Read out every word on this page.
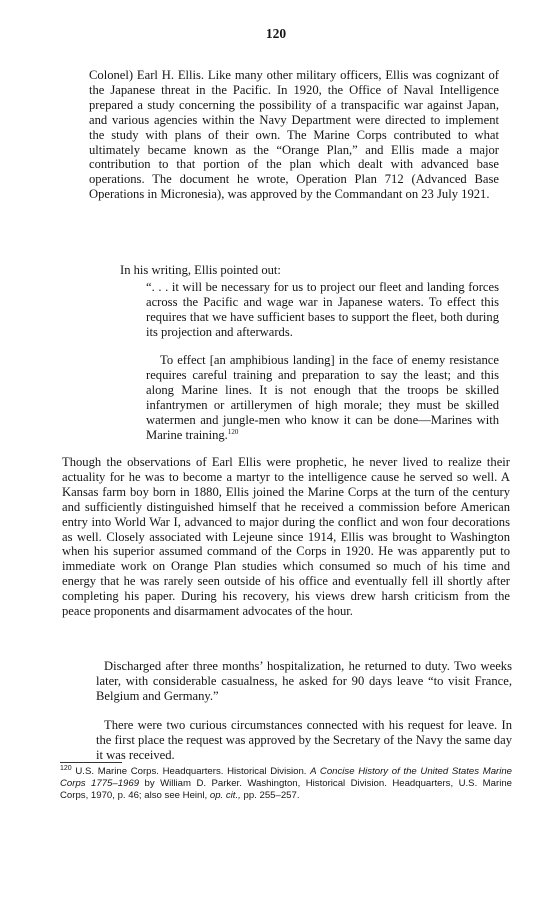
120

Colonel) Earl H. Ellis. Like many other military officers, Ellis was cognizant of the Japanese threat in the Pacific. In 1920, the Office of Naval Intelligence prepared a study concerning the possibility of a transpacific war against Japan, and various agencies within the Navy Department were directed to implement the study with plans of their own. The Marine Corps contributed to what ultimately became known as the “Orange Plan,” and Ellis made a major contribution to that portion of the plan which dealt with advanced base operations. The document he wrote, Operation Plan 712 (Advanced Base Operations in Micronesia), was approved by the Commandant on 23 July 1921.

In his writing, Ellis pointed out:

“. . . it will be necessary for us to project our fleet and landing forces across the Pacific and wage war in Japanese waters. To effect this requires that we have sufficient bases to support the fleet, both during its projection and afterwards.

To effect [an amphibious landing] in the face of enemy resistance requires careful training and preparation to say the least; and this along Marine lines. It is not enough that the troops be skilled infantrymen or artillerymen of high morale; they must be skilled watermen and jungle-men who know it can be done—Marines with Marine training.$^{120}$

Though the observations of Earl Ellis were prophetic, he never lived to realize their actuality for he was to become a martyr to the intelligence cause he served so well. A Kansas farm boy born in 1880, Ellis joined the Marine Corps at the turn of the century and sufficiently distinguished himself that he received a commission before American entry into World War I, advanced to major during the conflict and won four decorations as well. Closely associated with Lejeune since 1914, Ellis was brought to Washington when his superior assumed command of the Corps in 1920. He was apparently put to immediate work on Orange Plan studies which consumed so much of his time and energy that he was rarely seen outside of his office and eventually fell ill shortly after completing his paper. During his recovery, his views drew harsh criticism from the peace proponents and disarmament advocates of the hour.

Discharged after three months’ hospitalization, he returned to duty. Two weeks later, with considerable casualness, he asked for 90 days leave “to visit France, Belgium and Germany.”

There were two curious circumstances connected with his request for leave. In the first place the request was approved by the Secretary of the Navy the same day it was received.

$^{120}$ U.S. Marine Corps. Headquarters. Historical Division. A Concise History of the United States Marine Corps 1775–1969 by William D. Parker. Washington, Historical Division. Headquarters, U.S. Marine Corps, 1970, p. 46; also see Heinl, op. cit., pp. 255–257.
